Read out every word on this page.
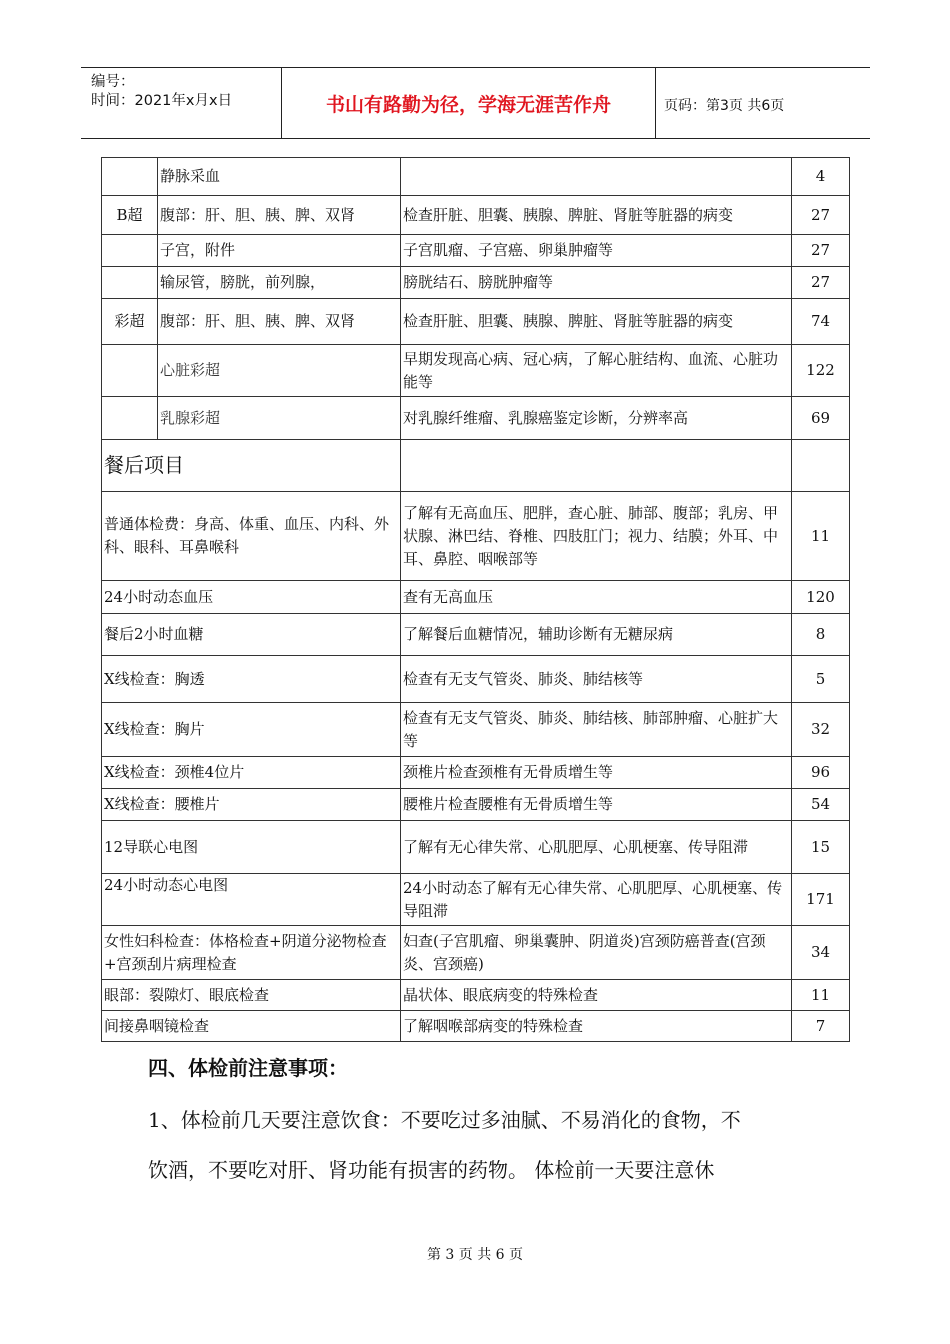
编号：
时间：2021年x月x日	书山有路勤为径，学海无涯苦作舟	页码：第3页 共6页
	静脉采血		4
B超	腹部：肝、胆、胰、脾、双肾	检查肝脏、胆囊、胰腺、脾脏、肾脏等脏器的病变	27
	子宫，附件	子宫肌瘤、子宫癌、卵巢肿瘤等	27
	输尿管，膀胱，前列腺，	膀胱结石、膀胱肿瘤等	27
彩超	腹部：肝、胆、胰、脾、双肾	检查肝脏、胆囊、胰腺、脾脏、肾脏等脏器的病变	74
	心脏彩超	早期发现高心病、冠心病，了解心脏结构、血流、心脏功能等	122
	乳腺彩超	对乳腺纤维瘤、乳腺癌鉴定诊断，分辨率高	69
餐后项目			
普通体检费：身高、体重、血压、内科、外科、眼科、耳鼻喉科		了解有无高血压、肥胖，查心脏、肺部、腹部；乳房、甲状腺、淋巴结、脊椎、四肢肛门；视力、结膜；外耳、中耳、鼻腔、咽喉部等	11
24小时动态血压		查有无高血压	120
餐后2小时血糖		了解餐后血糖情况，辅助诊断有无糖尿病	8
X线检查：胸透		检查有无支气管炎、肺炎、肺结核等	5
X线检查：胸片		检查有无支气管炎、肺炎、肺结核、肺部肿瘤、心脏扩大等	32
X线检查：颈椎4位片		颈椎片检查颈椎有无骨质增生等	96
X线检查：腰椎片		腰椎片检查腰椎有无骨质增生等	54
12导联心电图		了解有无心律失常、心肌肥厚、心肌梗塞、传导阻滞	15
24小时动态心电图		24小时动态了解有无心律失常、心肌肥厚、心肌梗塞、传导阻滞	171
女性妇科检查：体格检查+阴道分泌物检查+宫颈刮片病理检查		妇查(子宫肌瘤、卵巢囊肿、阴道炎)宫颈防癌普查(宫颈炎、宫颈癌)	34
眼部：裂隙灯、眼底检查		晶状体、眼底病变的特殊检查	11
间接鼻咽镜检查		了解咽喉部病变的特殊检查	7
四、体检前注意事项：
1、体检前几天要注意饮食：不要吃过多油腻、不易消化的食物，不
饮酒，不要吃对肝、肾功能有损害的药物。 体检前一天要注意休
第 3 页 共 6 页
